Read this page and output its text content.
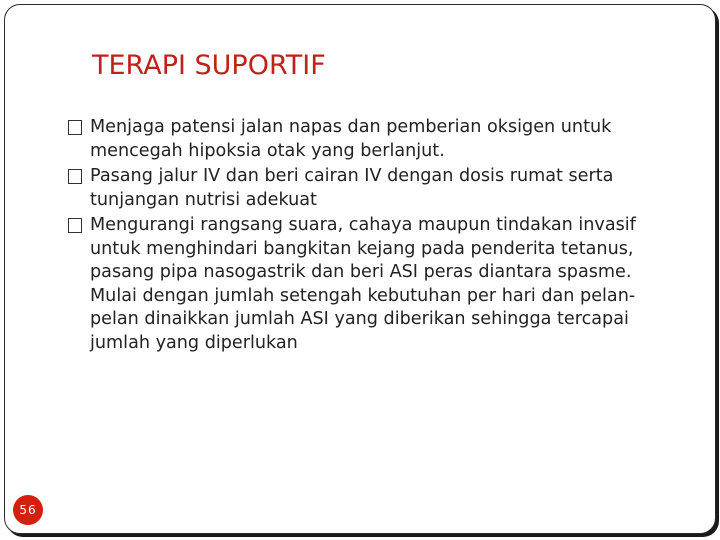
TERAPI SUPORTIF
Menjaga patensi jalan napas dan pemberian oksigen untuk mencegah hipoksia otak yang berlanjut.
Pasang jalur IV dan beri cairan IV dengan dosis rumat serta tunjangan nutrisi adekuat
Mengurangi rangsang suara, cahaya maupun tindakan invasif untuk menghindari bangkitan kejang pada penderita tetanus, pasang pipa nasogastrik dan beri ASI peras diantara spasme. Mulai dengan jumlah setengah kebutuhan per hari dan pelan-pelan dinaikkan jumlah ASI yang diberikan sehingga tercapai jumlah yang diperlukan
56
